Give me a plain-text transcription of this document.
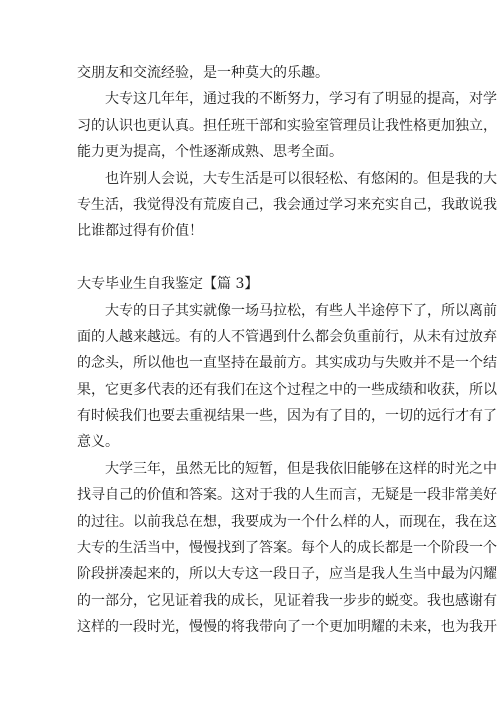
交朋友和交流经验，是一种莫大的乐趣。
　　大专这几年年，通过我的不断努力，学习有了明显的提高，对学
习的认识也更认真。担任班干部和实验室管理员让我性格更加独立，
能力更为提高，个性逐渐成熟、思考全面。
　　也许别人会说，大专生活是可以很轻松、有悠闲的。但是我的大
专生活，我觉得没有荒废自己，我会通过学习来充实自己，我敢说我
比谁都过得有价值！
大专毕业生自我鉴定【篇 3】
　　大专的日子其实就像一场马拉松，有些人半途停下了，所以离前
面的人越来越远。有的人不管遇到什么都会负重前行，从未有过放弃
的念头，所以他也一直坚持在最前方。其实成功与失败并不是一个结
果，它更多代表的还有我们在这个过程之中的一些成绩和收获，所以
有时候我们也要去重视结果一些，因为有了目的，一切的远行才有了
意义。
　　大学三年，虽然无比的短暂，但是我依旧能够在这样的时光之中
找寻自己的价值和答案。这对于我的人生而言，无疑是一段非常美好
的过往。以前我总在想，我要成为一个什么样的人，而现在，我在这
大专的生活当中，慢慢找到了答案。每个人的成长都是一个阶段一个
阶段拼凑起来的，所以大专这一段日子，应当是我人生当中最为闪耀
的一部分，它见证着我的成长，见证着我一步步的蜕变。我也感谢有
这样的一段时光，慢慢的将我带向了一个更加明耀的未来，也为我开
